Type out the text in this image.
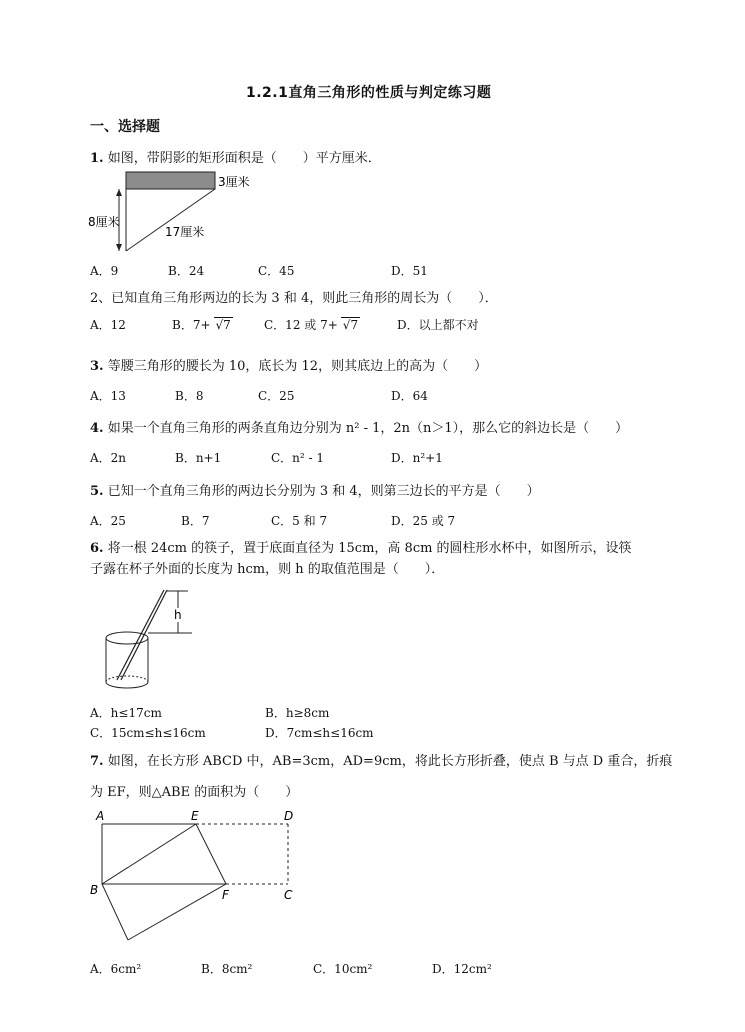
1.2.1直角三角形的性质与判定练习题
一、选择题
1. 如图，带阴影的矩形面积是（　　）平方厘米．
3厘米
8厘米
17厘米
A．9	B．24	C．45	D．51
2、已知直角三角形两边的长为 3 和 4，则此三角形的周长为（　　）．
A．12	B．7+ √7	C．12 或 7+ √7	D．以上都不对
3. 等腰三角形的腰长为 10，底长为 12，则其底边上的高为（　　）
A．13	B．8	C．25	D．64
4. 如果一个直角三角形的两条直角边分别为 n² - 1，2n（n＞1），那么它的斜边长是（　　）
A．2n	B．n+1	C．n² - 1	D．n²+1
5. 已知一个直角三角形的两边长分别为 3 和 4，则第三边长的平方是（　　）
A．25	B．7	C．5 和 7	D．25 或 7
6. 将一根 24cm 的筷子，置于底面直径为 15cm，高 8cm 的圆柱形水杯中，如图所示，设筷
子露在杯子外面的长度为 hcm，则 h 的取值范围是（　　）．
h
A．h≤17cm	B．h≥8cm
C．15cm≤h≤16cm	D．7cm≤h≤16cm
7. 如图，在长方形 ABCD 中，AB=3cm，AD=9cm，将此长方形折叠，使点 B 与点 D 重合，折痕
为 EF，则△ABE 的面积为（　　）
A	E	D
B	F	C
A．6cm²	B．8cm²	C．10cm²	D．12cm²
